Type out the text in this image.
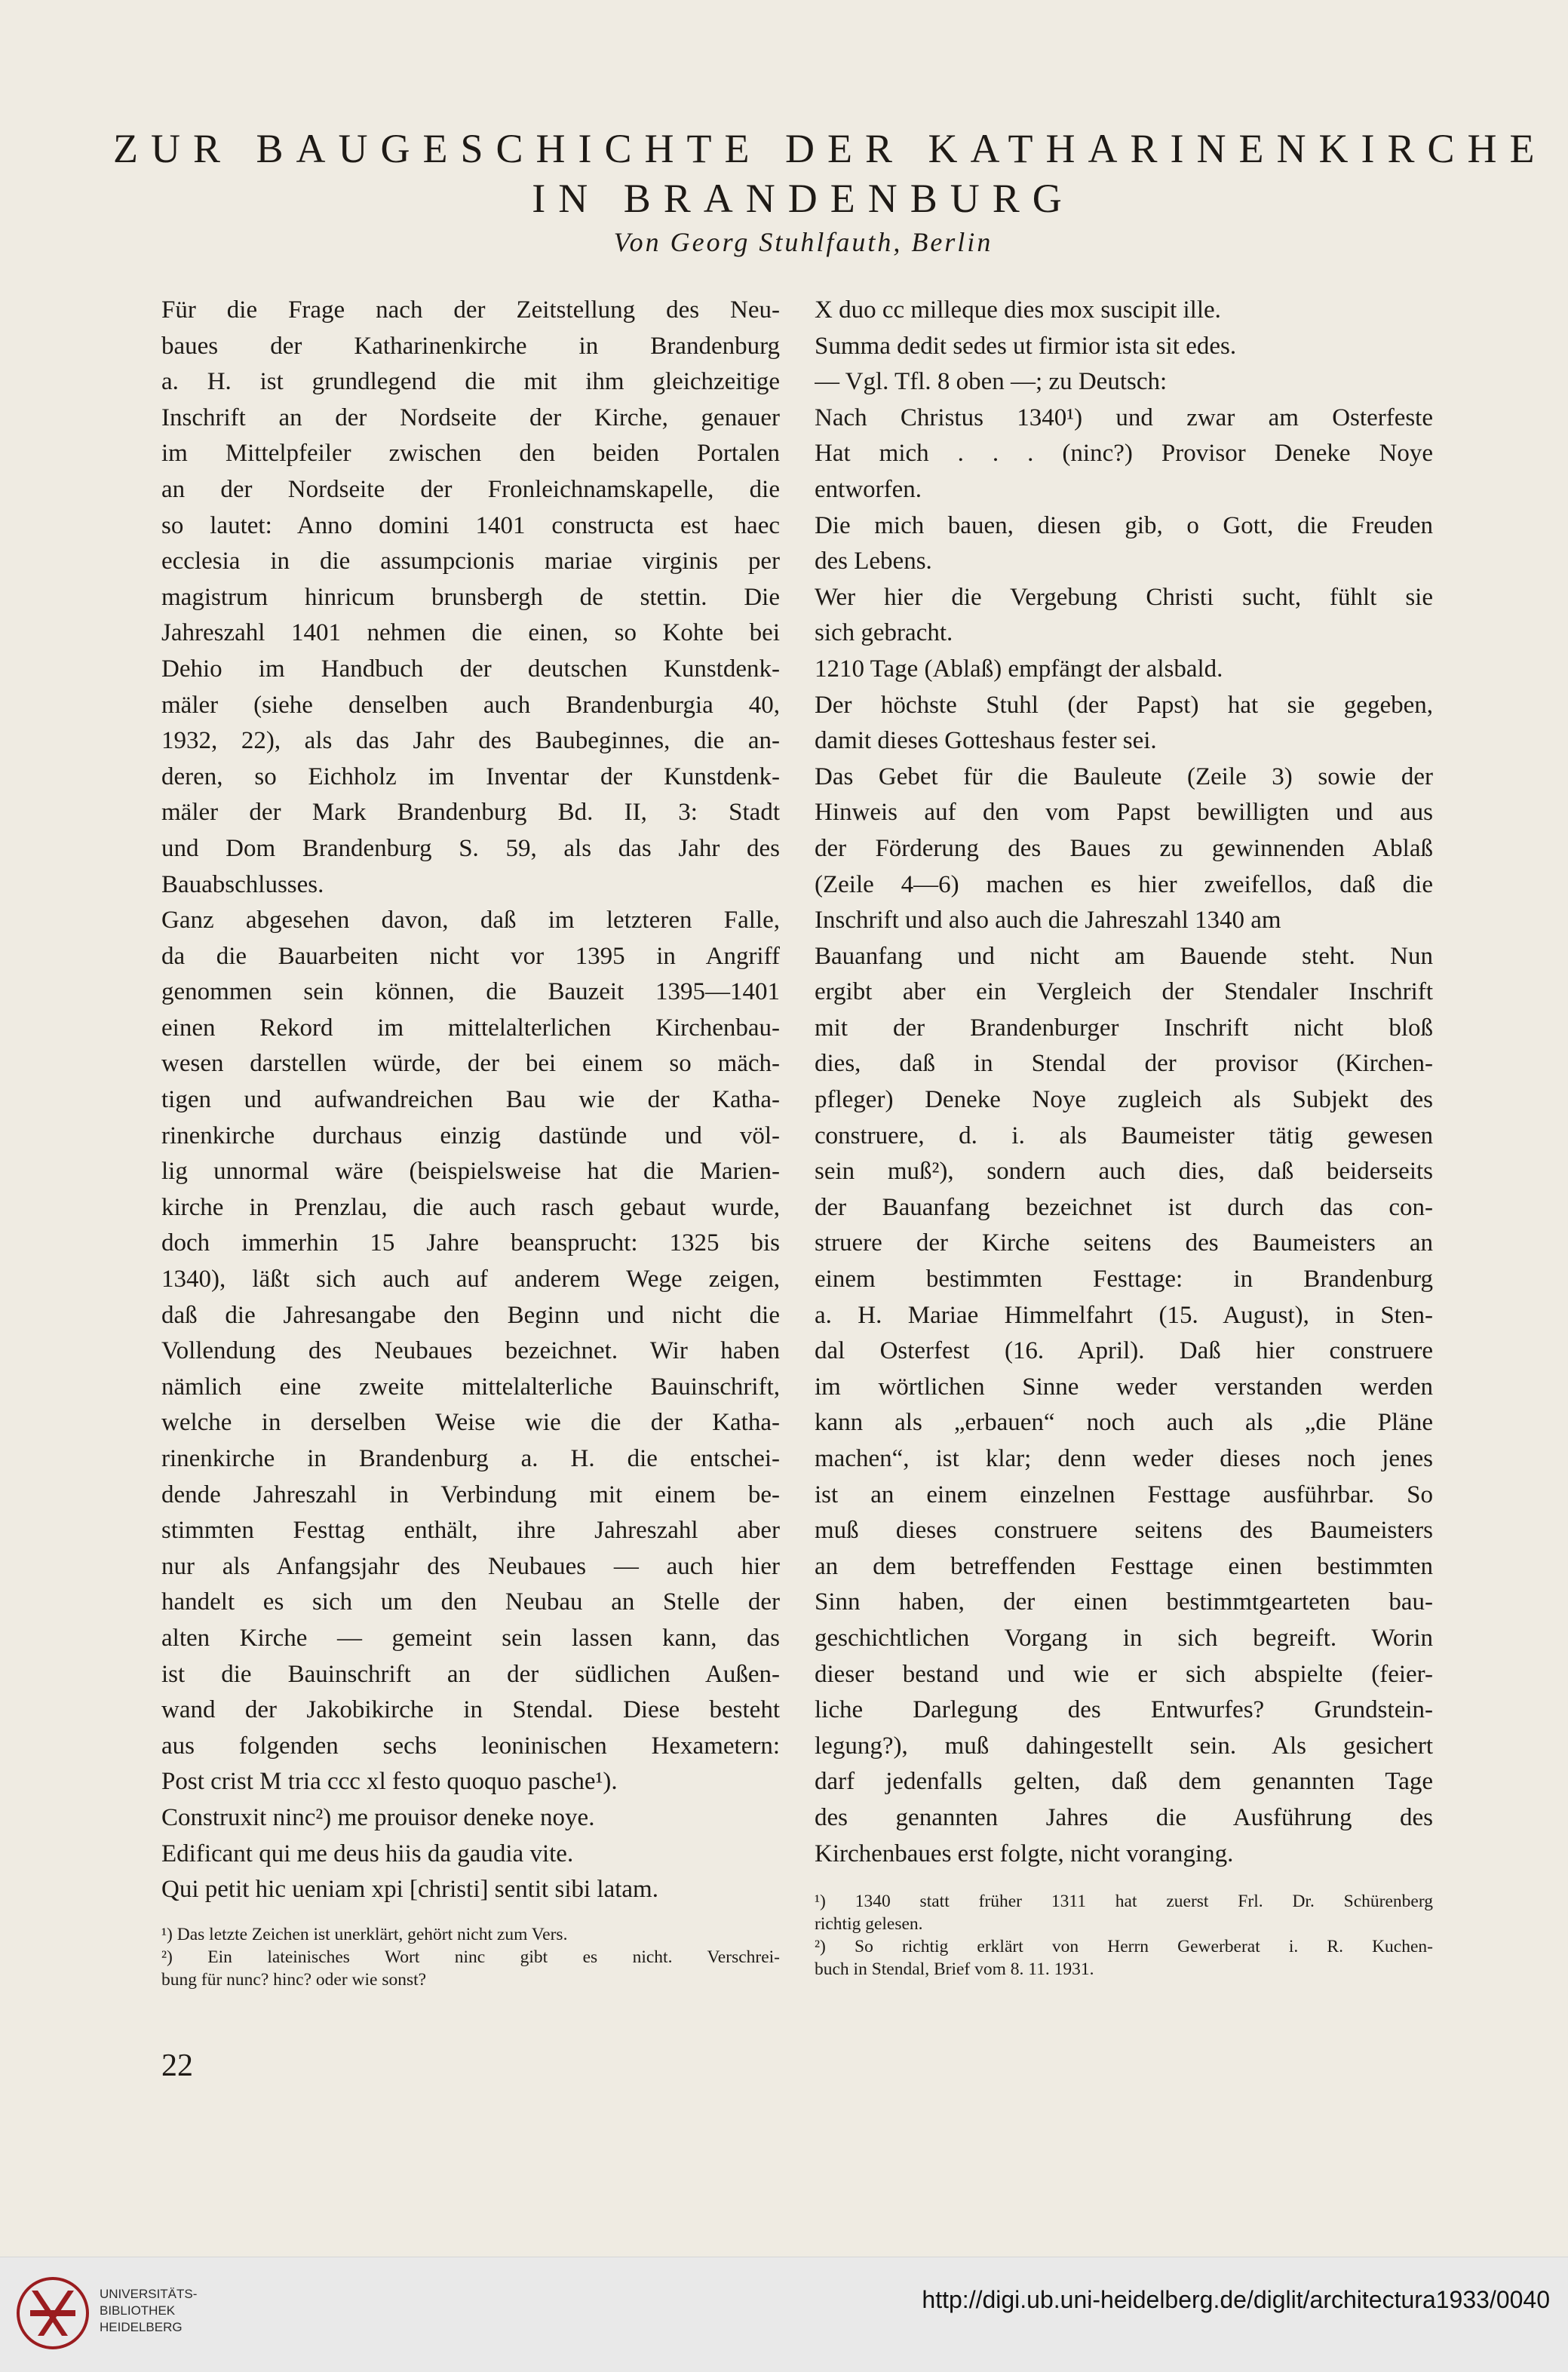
ZUR BAUGESCHICHTE DER KATHARINENKIRCHE
IN BRANDENBURG
Von Georg Stuhlfauth, Berlin
Für die Frage nach der Zeitstellung des Neu-
baues der Katharinenkirche in Brandenburg
a. H. ist grundlegend die mit ihm gleichzeitige
Inschrift an der Nordseite der Kirche, genauer
im Mittelpfeiler zwischen den beiden Portalen
an der Nordseite der Fronleichnamskapelle, die
so lautet: Anno domini 1401 constructa est haec
ecclesia in die assumpcionis mariae virginis per
magistrum hinricum brunsbergh de stettin. Die
Jahreszahl 1401 nehmen die einen, so Kohte bei
Dehio im Handbuch der deutschen Kunstdenk-
mäler (siehe denselben auch Brandenburgia 40,
1932, 22), als das Jahr des Baubeginnes, die an-
deren, so Eichholz im Inventar der Kunstdenk-
mäler der Mark Brandenburg Bd. II, 3: Stadt
und Dom Brandenburg S. 59, als das Jahr des
Bauabschlusses.
Ganz abgesehen davon, daß im letzteren Falle,
da die Bauarbeiten nicht vor 1395 in Angriff
genommen sein können, die Bauzeit 1395—1401
einen Rekord im mittelalterlichen Kirchenbau-
wesen darstellen würde, der bei einem so mäch-
tigen und aufwandreichen Bau wie der Katha-
rinenkirche durchaus einzig dastünde und völ-
lig unnormal wäre (beispielsweise hat die Marien-
kirche in Prenzlau, die auch rasch gebaut wurde,
doch immerhin 15 Jahre beansprucht: 1325 bis
1340), läßt sich auch auf anderem Wege zeigen,
daß die Jahresangabe den Beginn und nicht die
Vollendung des Neubaues bezeichnet. Wir haben
nämlich eine zweite mittelalterliche Bauinschrift,
welche in derselben Weise wie die der Katha-
rinenkirche in Brandenburg a. H. die entschei-
dende Jahreszahl in Verbindung mit einem be-
stimmten Festtag enthält, ihre Jahreszahl aber
nur als Anfangsjahr des Neubaues — auch hier
handelt es sich um den Neubau an Stelle der
alten Kirche — gemeint sein lassen kann, das
ist die Bauinschrift an der südlichen Außen-
wand der Jakobikirche in Stendal. Diese besteht
aus folgenden sechs leoninischen Hexametern:
Post crist M tria ccc xl festo quoquo pasche¹).
Construxit ninc²) me prouisor deneke noye.
Edificant qui me deus hiis da gaudia vite.
Qui petit hic ueniam xpi [christi] sentit sibi latam.
X duo cc milleque dies mox suscipit ille.
Summa dedit sedes ut firmior ista sit edes.
— Vgl. Tfl. 8 oben —; zu Deutsch:
Nach Christus 1340¹) und zwar am Osterfeste
Hat mich . . . (ninc?) Provisor Deneke Noye
entworfen.
Die mich bauen, diesen gib, o Gott, die Freuden
des Lebens.
Wer hier die Vergebung Christi sucht, fühlt sie
sich gebracht.
1210 Tage (Ablaß) empfängt der alsbald.
Der höchste Stuhl (der Papst) hat sie gegeben,
damit dieses Gotteshaus fester sei.
Das Gebet für die Bauleute (Zeile 3) sowie der
Hinweis auf den vom Papst bewilligten und aus
der Förderung des Baues zu gewinnenden Ablaß
(Zeile 4—6) machen es hier zweifellos, daß die
Inschrift und also auch die Jahreszahl 1340 am
Bauanfang und nicht am Bauende steht. Nun
ergibt aber ein Vergleich der Stendaler Inschrift
mit der Brandenburger Inschrift nicht bloß
dies, daß in Stendal der provisor (Kirchen-
pfleger) Deneke Noye zugleich als Subjekt des
construere, d. i. als Baumeister tätig gewesen
sein muß²), sondern auch dies, daß beiderseits
der Bauanfang bezeichnet ist durch das con-
struere der Kirche seitens des Baumeisters an
einem bestimmten Festtage: in Brandenburg
a. H. Mariae Himmelfahrt (15. August), in Sten-
dal Osterfest (16. April). Daß hier construere
im wörtlichen Sinne weder verstanden werden
kann als „erbauen“ noch auch als „die Pläne
machen“, ist klar; denn weder dieses noch jenes
ist an einem einzelnen Festtage ausführbar. So
muß dieses construere seitens des Baumeisters
an dem betreffenden Festtage einen bestimmten
Sinn haben, der einen bestimmtgearteten bau-
geschichtlichen Vorgang in sich begreift. Worin
dieser bestand und wie er sich abspielte (feier-
liche Darlegung des Entwurfes? Grundstein-
legung?), muß dahingestellt sein. Als gesichert
darf jedenfalls gelten, daß dem genannten Tage
des genannten Jahres die Ausführung des
Kirchenbaues erst folgte, nicht voranging.
¹) Das letzte Zeichen ist unerklärt, gehört nicht zum Vers.
²) Ein lateinisches Wort ninc gibt es nicht. Verschrei-
bung für nunc? hinc? oder wie sonst?
¹) 1340 statt früher 1311 hat zuerst Frl. Dr. Schürenberg
richtig gelesen.
²) So richtig erklärt von Herrn Gewerberat i. R. Kuchen-
buch in Stendal, Brief vom 8. 11. 1931.
22
UNIVERSITÄTS-
BIBLIOTHEK
HEIDELBERG
http://digi.ub.uni-heidelberg.de/diglit/architectura1933/0040
